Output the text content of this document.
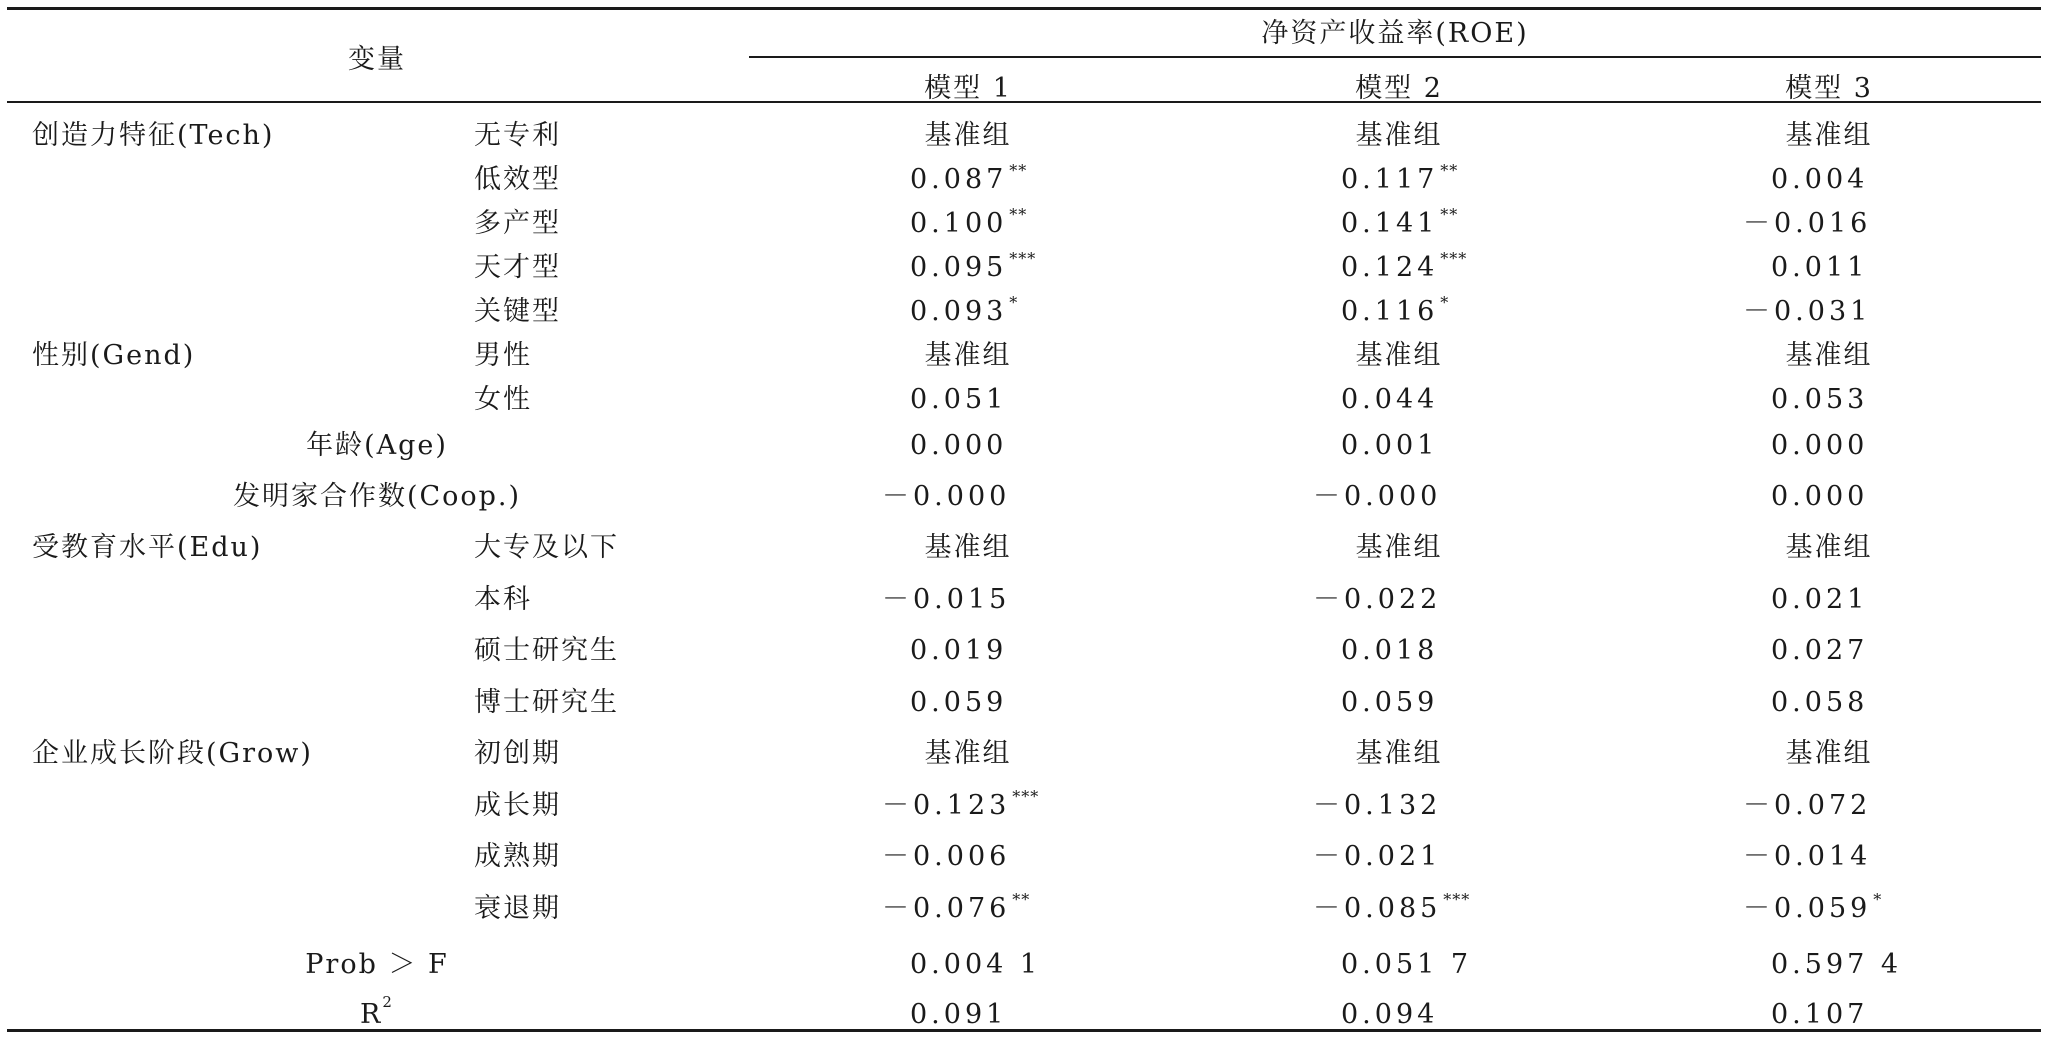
变量
净资产收益率(ROE)
模型 1	模型 2	模型 3
创造力特征(Tech)	无专利	基准组	基准组	基准组
低效型	0.087 **	0.117 **	0.004
多产型	0.100 **	0.141 **	－0.016
天才型	0.095 ***	0.124 ***	0.011
关键型	0.093 *	0.116 *	－0.031
性别(Gend)	男性	基准组	基准组	基准组
女性	0.051	0.044	0.053
年龄(Age)	0.000	0.001	0.000
发明家合作数(Coop.)	－0.000	－0.000	0.000
受教育水平(Edu)	大专及以下	基准组	基准组	基准组
本科	－0.015	－0.022	0.021
硕士研究生	0.019	0.018	0.027
博士研究生	0.059	0.059	0.058
企业成长阶段(Grow)	初创期	基准组	基准组	基准组
成长期	－0.123 ***	－0.132	－0.072
成熟期	－0.006	－0.021	－0.014
衰退期	－0.076 **	－0.085 ***	－0.059 *
Prob ＞ F	0.004 1	0.051 7	0.597 4
$R^2$	0.091	0.094	0.107
